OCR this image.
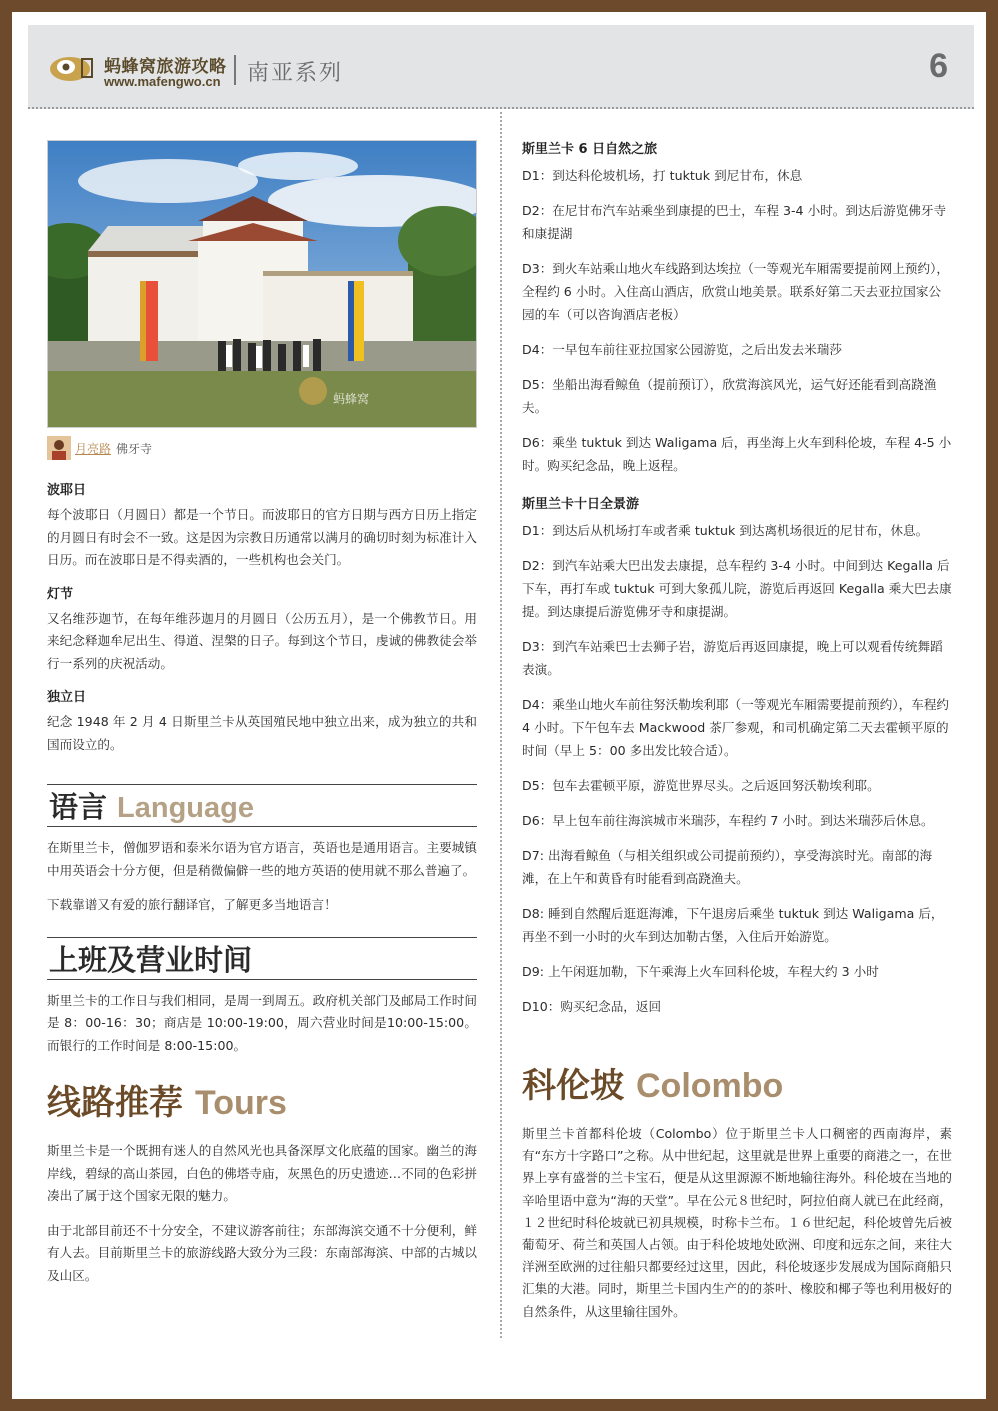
蚂蜂窝旅游攻略
www.mafengwo.cn 南亚系列	6
蚂蜂窝
月亮路 佛牙寺

波耶日

每个波耶日（月圆日）都是一个节日。而波耶日的官方日期与西方日历上指定的月圆日有时会不一致。这是因为宗教日历通常以满月的确切时刻为标准计入日历。而在波耶日是不得卖酒的，一些机构也会关门。

灯节

又名维莎迦节，在每年维莎迦月的月圆日（公历五月），是一个佛教节日。用来纪念释迦牟尼出生、得道、涅槃的日子。每到这个节日，虔诚的佛教徒会举行一系列的庆祝活动。

独立日

纪念 1948 年 2 月 4 日斯里兰卡从英国殖民地中独立出来，成为独立的共和国而设立的。

语言 Language

在斯里兰卡，僧伽罗语和泰米尔语为官方语言，英语也是通用语言。主要城镇中用英语会十分方便，但是稍微偏僻一些的地方英语的使用就不那么普遍了。

下载靠谱又有爱的旅行翻译官，了解更多当地语言！

上班及营业时间

斯里兰卡的工作日与我们相同，是周一到周五。政府机关部门及邮局工作时间是 8：00-16：30；商店是 10:00-19:00，周六营业时间是10:00-15:00。而银行的工作时间是 8:00-15:00。

线路推荐 Tours

斯里兰卡是一个既拥有迷人的自然风光也具备深厚文化底蕴的国家。幽兰的海岸线，碧绿的高山茶园，白色的佛塔寺庙，灰黑色的历史遗迹…不同的色彩拼凑出了属于这个国家无限的魅力。

由于北部目前还不十分安全，不建议游客前往；东部海滨交通不十分便利，鲜有人去。目前斯里兰卡的旅游线路大致分为三段：东南部海滨、中部的古城以及山区。

斯里兰卡 6 日自然之旅

D1：到达科伦坡机场，打 tuktuk 到尼甘布，休息

D2：在尼甘布汽车站乘坐到康提的巴士，车程 3-4 小时。到达后游览佛牙寺和康提湖

D3：到火车站乘山地火车线路到达埃拉（一等观光车厢需要提前网上预约），全程约 6 小时。入住高山酒店，欣赏山地美景。联系好第二天去亚拉国家公园的车（可以咨询酒店老板）

D4：一早包车前往亚拉国家公园游览，之后出发去米瑞莎

D5：坐船出海看鲸鱼（提前预订），欣赏海滨风光，运气好还能看到高跷渔夫。

D6：乘坐 tuktuk 到达 Waligama 后，再坐海上火车到科伦坡，车程 4-5 小时。购买纪念品，晚上返程。

斯里兰卡十日全景游

D1：到达后从机场打车或者乘 tuktuk 到达离机场很近的尼甘布，休息。

D2：到汽车站乘大巴出发去康提，总车程约 3-4 小时。中间到达 Kegalla 后下车，再打车或 tuktuk 可到大象孤儿院，游览后再返回 Kegalla 乘大巴去康提。到达康提后游览佛牙寺和康提湖。

D3：到汽车站乘巴士去狮子岩，游览后再返回康提，晚上可以观看传统舞蹈表演。

D4：乘坐山地火车前往努沃勒埃利耶（一等观光车厢需要提前预约），车程约 4 小时。下午包车去 Mackwood 茶厂参观，和司机确定第二天去霍顿平原的时间（早上 5：00 多出发比较合适）。

D5：包车去霍顿平原，游览世界尽头。之后返回努沃勒埃利耶。

D6：早上包车前往海滨城市米瑞莎，车程约 7 小时。到达米瑞莎后休息。

D7: 出海看鲸鱼（与相关组织或公司提前预约），享受海滨时光。南部的海滩，在上午和黄昏有时能看到高跷渔夫。

D8: 睡到自然醒后逛逛海滩，下午退房后乘坐 tuktuk 到达 Waligama 后，再坐不到一小时的火车到达加勒古堡，入住后开始游览。

D9: 上午闲逛加勒，下午乘海上火车回科伦坡，车程大约 3 小时

D10：购买纪念品，返回

科伦坡 Colombo

斯里兰卡首都科伦坡（Colombo）位于斯里兰卡人口稠密的西南海岸，素有“东方十字路口”之称。从中世纪起，这里就是世界上重要的商港之一，在世界上享有盛誉的兰卡宝石，便是从这里源源不断地输往海外。科伦坡在当地的辛哈里语中意为“海的天堂”。早在公元８世纪时，阿拉伯商人就已在此经商，１２世纪时科伦坡就已初具规模，时称卡兰布。１６世纪起，科伦坡曾先后被葡萄牙、荷兰和英国人占领。由于科伦坡地处欧洲、印度和远东之间，来往大洋洲至欧洲的过往船只都要经过这里，因此，科伦坡逐步发展成为国际商船只汇集的大港。同时，斯里兰卡国内生产的的茶叶、橡胶和椰子等也利用极好的自然条件，从这里输往国外。
